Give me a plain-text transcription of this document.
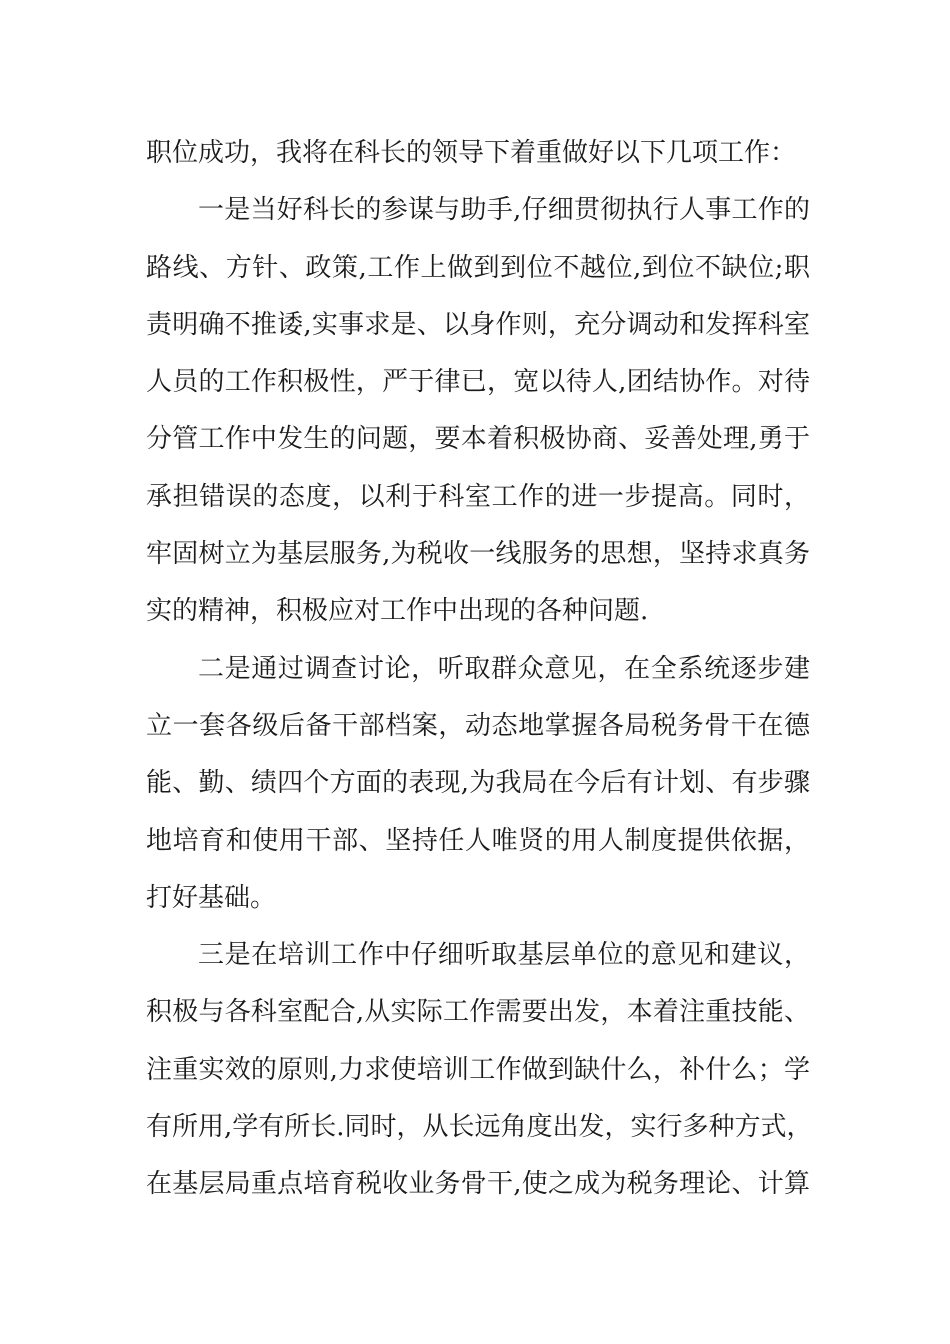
职位成功，我将在科长的领导下着重做好以下几项工作：
一是当好科长的参谋与助手,仔细贯彻执行人事工作的
路线、方针、政策,工作上做到到位不越位,到位不缺位;职
责明确不推诿,实事求是、以身作则，充分调动和发挥科室
人员的工作积极性，严于律已，宽以待人,团结协作。对待
分管工作中发生的问题，要本着积极协商、妥善处理,勇于
承担错误的态度，以利于科室工作的进一步提高。同时，
牢固树立为基层服务,为税收一线服务的思想，坚持求真务
实的精神，积极应对工作中出现的各种问题.
二是通过调查讨论，听取群众意见，在全系统逐步建
立一套各级后备干部档案，动态地掌握各局税务骨干在德
能、勤、绩四个方面的表现,为我局在今后有计划、有步骤
地培育和使用干部、坚持任人唯贤的用人制度提供依据，
打好基础。
三是在培训工作中仔细听取基层单位的意见和建议，
积极与各科室配合,从实际工作需要出发，本着注重技能、
注重实效的原则,力求使培训工作做到缺什么，补什么；学
有所用,学有所长.同时，从长远角度出发，实行多种方式，
在基层局重点培育税收业务骨干,使之成为税务理论、计算
